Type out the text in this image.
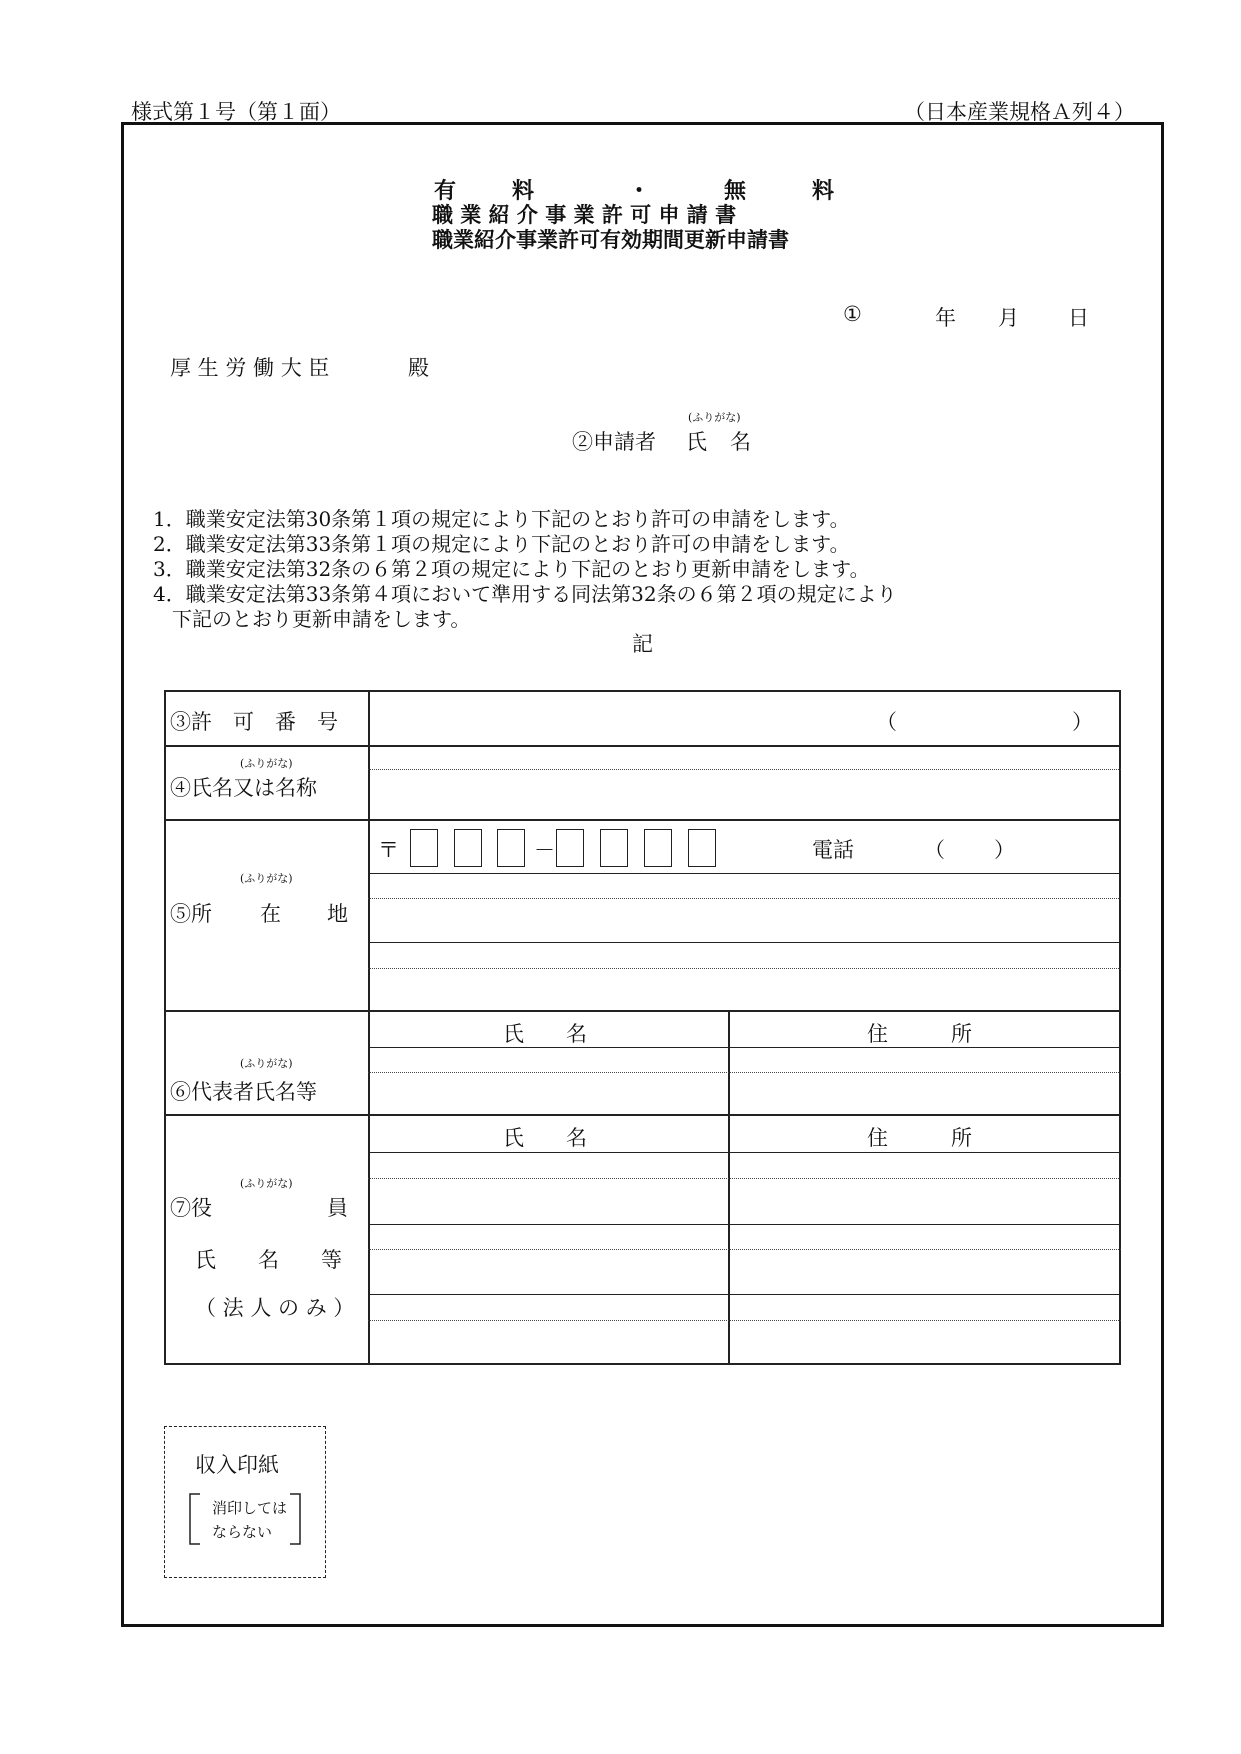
様式第１号（第１面）	（日本産業規格Ａ列４）
有	料	・	無	料
職 業 紹 介 事 業 許 可 申 請 書
職業紹介事業許可有効期間更新申請書
①	年 月 日
厚 生 労 働 大 臣	殿
(ふりがな)
②申請者 氏 名
1．職業安定法第30条第１項の規定により下記のとおり許可の申請をします。
2．職業安定法第33条第１項の規定により下記のとおり許可の申請をします。
3．職業安定法第32条の６第２項の規定により下記のとおり更新申請をします。
4．職業安定法第33条第４項において準用する同法第32条の６第２項の規定により
下記のとおり更新申請をします。
記
③許　可　番　号	（	）
(ふりがな)
④氏名又は名称
(ふりがな)
⑤所 在 地
〒	－	電話	（ ）
氏　　名	住　　　所
(ふりがな)
⑥代表者氏名等
氏　　名	住　　　所
(ふりがな)
⑦役	員
氏　　名　　等
（ 法 人 の み ）
収入印紙
消印しては
ならない
